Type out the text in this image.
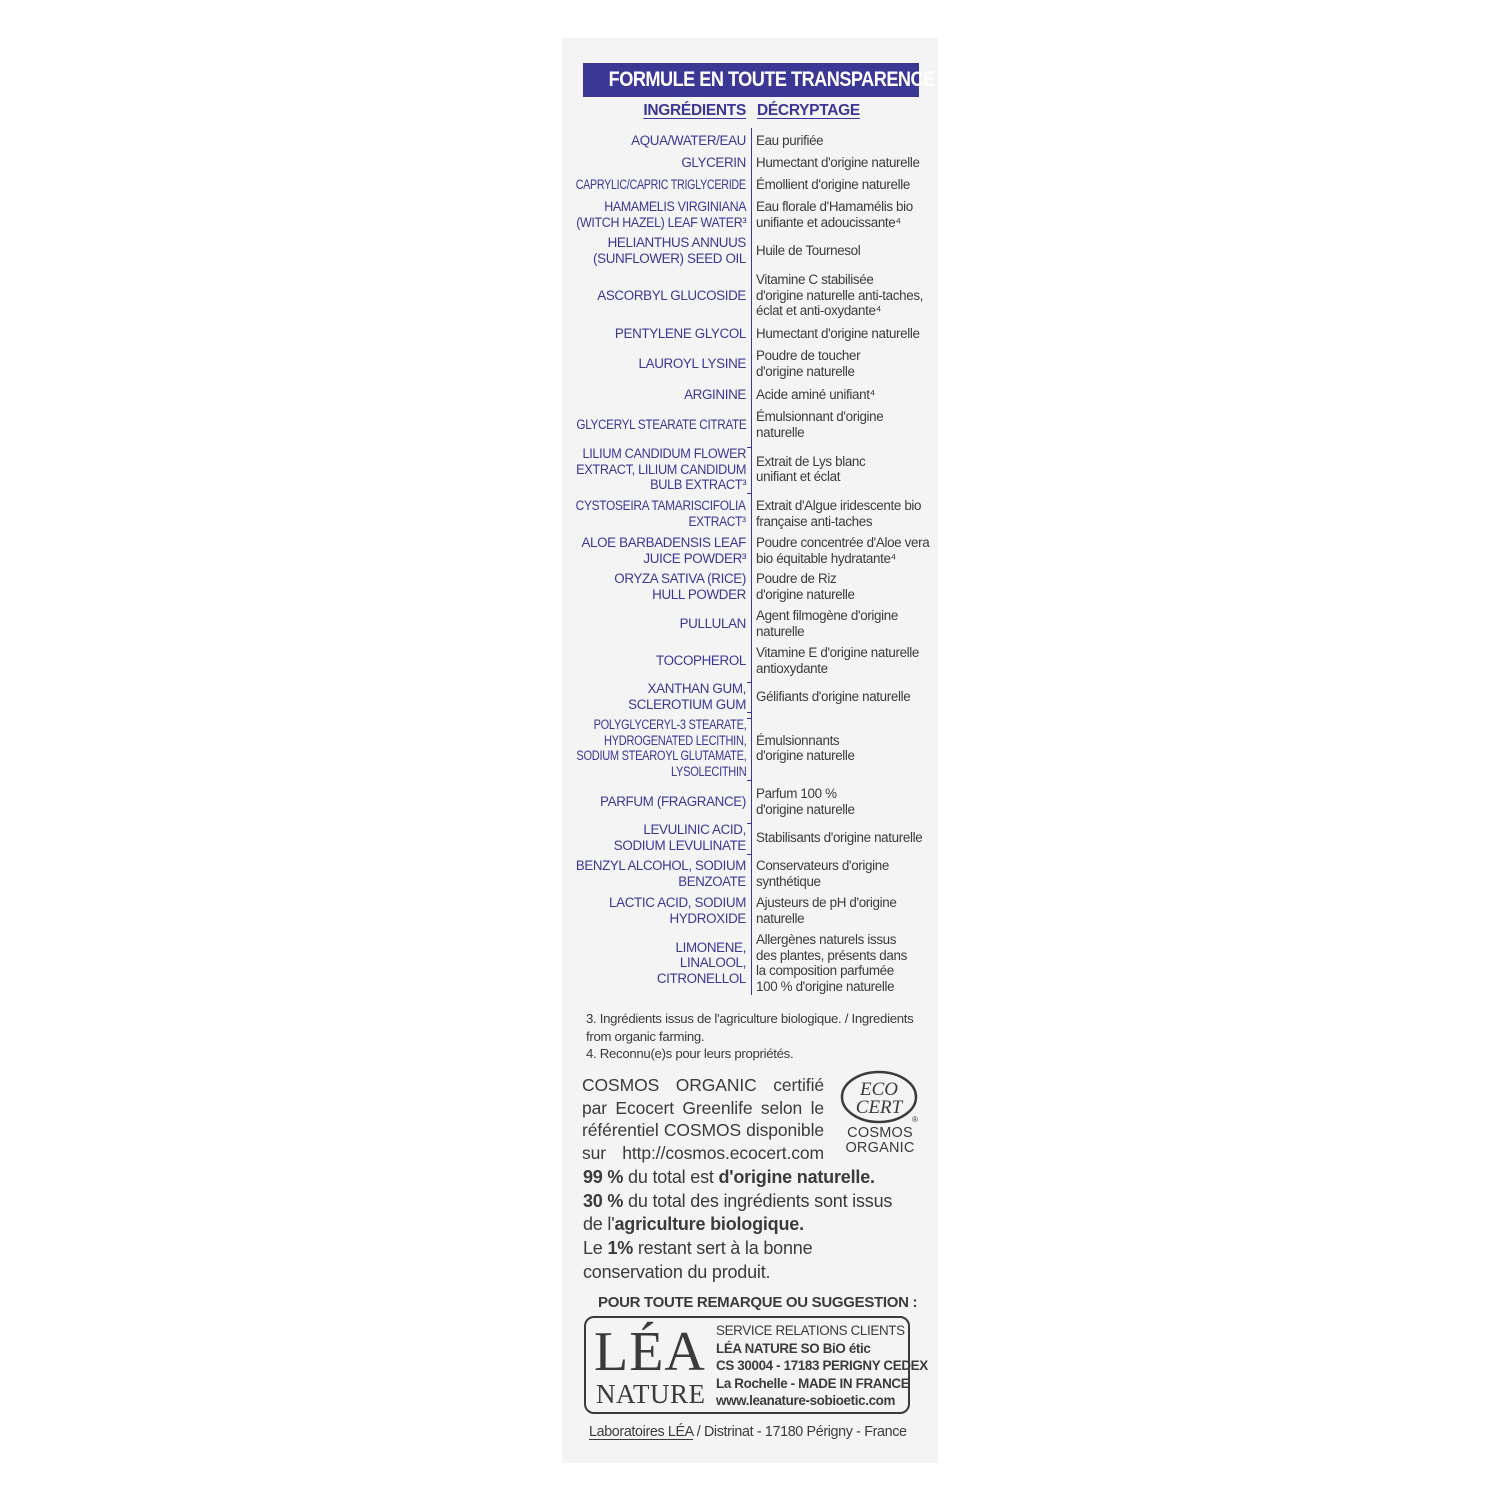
FORMULE EN TOUTE TRANSPARENCE
INGRÉDIENTS DÉCRYPTAGE
AQUA/WATER/EAU Eau purifiée
GLYCERIN Humectant d'origine naturelle
CAPRYLIC/CAPRIC TRIGLYCERIDE Émollient d'origine naturelle
HAMAMELIS VIRGINIANA
(WITCH HAZEL) LEAF WATER³
Eau florale d'Hamamélis bio
unifiante et adoucissante⁴
HELIANTHUS ANNUUS
(SUNFLOWER) SEED OIL
Huile de Tournesol
ASCORBYL GLUCOSIDE
Vitamine C stabilisée
d'origine naturelle anti-taches,
éclat et anti-oxydante⁴
PENTYLENE GLYCOL Humectant d'origine naturelle
LAUROYL LYSINE
Poudre de toucher
d'origine naturelle
ARGININE Acide aminé unifiant⁴
GLYCERYL STEARATE CITRATE
Émulsionnant d'origine
naturelle
LILIUM CANDIDUM FLOWER
EXTRACT, LILIUM CANDIDUM
BULB EXTRACT³
Extrait de Lys blanc
unifiant et éclat
CYSTOSEIRA TAMARISCIFOLIA
EXTRACT³
Extrait d'Algue iridescente bio
française anti-taches
ALOE BARBADENSIS LEAF
JUICE POWDER³
Poudre concentrée d'Aloe vera
bio équitable hydratante⁴
ORYZA SATIVA (RICE)
HULL POWDER
Poudre de Riz
d'origine naturelle
PULLULAN
Agent filmogène d'origine
naturelle
TOCOPHEROL
Vitamine E d'origine naturelle
antioxydante
XANTHAN GUM,
SCLEROTIUM GUM
Gélifiants d'origine naturelle
POLYGLYCERYL-3 STEARATE,
HYDROGENATED LECITHIN,
SODIUM STEAROYL GLUTAMATE,
LYSOLECITHIN
Émulsionnants
d'origine naturelle
PARFUM (FRAGRANCE)
Parfum 100 %
d'origine naturelle
LEVULINIC ACID,
SODIUM LEVULINATE
Stabilisants d'origine naturelle
BENZYL ALCOHOL, SODIUM
BENZOATE
Conservateurs d'origine
synthétique
LACTIC ACID, SODIUM
HYDROXIDE
Ajusteurs de pH d'origine
naturelle
LIMONENE,
LINALOOL,
CITRONELLOL
Allergènes naturels issus
des plantes, présents dans
la composition parfumée
100 % d'origine naturelle
3. Ingrédients issus de l'agriculture biologique. / Ingredients from organic farming.
4. Reconnu(e)s pour leurs propriétés.
COSMOS ORGANIC certifié par Ecocert Greenlife selon le référentiel COSMOS disponible sur http://cosmos.ecocert.com
ECO
CERT
®
COSMOS
ORGANIC
99 % du total est d'origine naturelle.
30 % du total des ingrédients sont issus
de l'agriculture biologique.
Le 1% restant sert à la bonne
conservation du produit.
POUR TOUTE REMARQUE OU SUGGESTION :
LÉA
NATURE
SERVICE RELATIONS CLIENTS
LÉA NATURE SO BiO étic
CS 30004 - 17183 PERIGNY CEDEX
La Rochelle - MADE IN FRANCE
www.leanature-sobioetic.com
Laboratoires LÉA / Distrinat - 17180 Périgny - France
